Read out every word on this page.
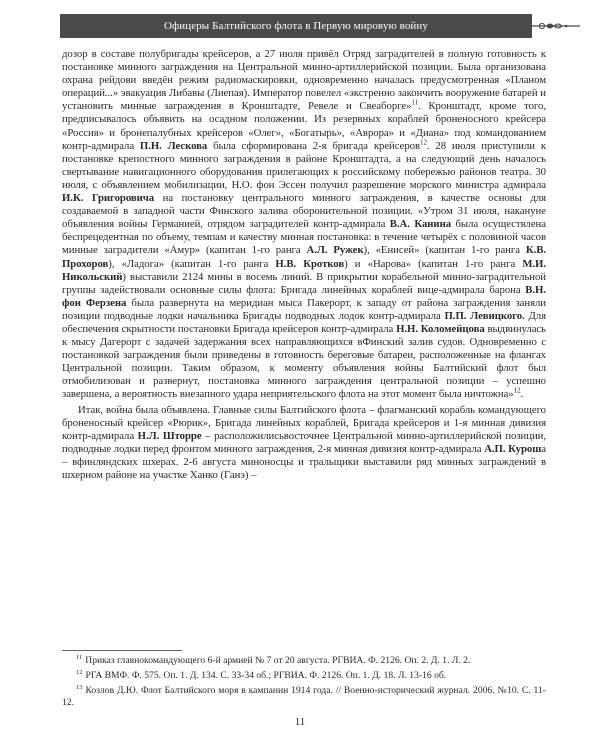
Офицеры Балтийского флота в Первую мировую войну

дозор в составе полубригады крейсеров, а 27 июля привёл Отряд заградителей в полную готовность к постановке минного заграждения на Центральной минно-артиллерийской позиции. Была организована охрана рейдови введён режим радиомаскировки, одновременно началась предусмотренная «Планом операций...» эвакуация Либавы (Лиепая). Император повелел «экстренно закончить вооружение батарей и установить минные заграждения в Кронштадте, Ревеле и Свеаборге»$^{11}$. Кронштадт, кроме того, предписывалось объявить на осадном положении. Из резервных кораблей броненосного крейсера «Россия» и бронепалубных крейсеров «Олег», «Богатырь», «Аврора» и «Диана» под командованием контр-адмирала П.Н. Лескова была сформирована 2-я бригада крейсеров$^{12}$. 28 июля приступили к постановке крепостного минного заграждения в районе Кронштадта, а на следующий день началось свертывание навигационного оборудования прилегающих к российскому побережью районов театра. 30 июля, с объявлением мобилизации, Н.О. фон Эссен получил разрешение морского министра адмирала И.К. Григоровича на постановку центрального минного заграждения, в качестве основы для создаваемой в западной части Финского залива оборонительной позиции. «Утром 31 июля, накануне объявления войны Германией, отрядом заградителей контр-адмирала В.А. Канина была осуществлена беспрецедентная по объему, темпам и качеству минная постановка: в течение четырёх с половиной часов минные заградители «Амур» (капитан 1-го ранга А.Л. Ружек), «Енисей» (капитан 1-го ранга К.В. Прохоров), «Ладога» (капитан 1-го ранга Н.В. Кротков) и «Нарова» (капитан 1-го ранга М.И. Никольский) выставили 2124 мины в восемь линий. В прикрытии корабельной минно-заградительной группы задействовали основные силы флота: Бригада линейных кораблей вице-адмирала барона В.Н. фон Ферзена была развернута на меридиан мыса Пакерорт, к западу от района заграждения заняли позиции подводные лодки начальника Бригады подводных лодок контр-адмирала П.П. Левицкого. Для обеспечения скрытности постановки Бригада крейсеров контр-адмирала Н.Н. Коломейцова выдвинулась к мысу Дагерорт с задачей задержания всех направляющихся вФинский залив судов. Одновременно с постановкой заграждения были приведены в готовность береговые батареи, расположенные на флангах Центральной позиции. Таким образом, к моменту объявления войны Балтийский флот был отмобилизован и развернут, постановка минного заграждения центральной позиции – успешно завершена, а вероятность внезапного удара неприятельского флота на этот момент была ничтожна»$^{12}$.

Итак, война была объявлена. Главные силы Балтийского флота – флагманский корабль командующего броненосный крейсер «Рюрик», Бригада линейных кораблей, Бригада крейсеров и 1-я минная дивизия контр-адмирала Н.Л. Шторре – расположилисьвосточнее Центральной минно-артиллерийской позиции, подводные лодки перед фронтом минного заграждения, 2-я минная дивизия контр-адмирала А.П. Куроша – вфинляндских шхерах. 2-6 августа миноносцы и тральщики выставили ряд минных заграждений в шхерном районе на участке Ханко (Ганэ) –

$^{11}$ Приказ главнокомандующего 6-й армией № 7 от 20 августа. РГВИА. Ф. 2126. Оп. 2. Д. 1. Л. 2.

$^{12}$ РГА ВМФ. Ф. 575. Оп. 1. Д. 134. С. 33-34 об.; РГВИА. Ф. 2126. Оп. 1. Д. 18. Л. 13-16 об.

$^{13}$ Козлов Д.Ю. Флот Балтийского моря в кампании 1914 года. // Военно-исторический журнал. 2006. №10. С. 11-12.

11
